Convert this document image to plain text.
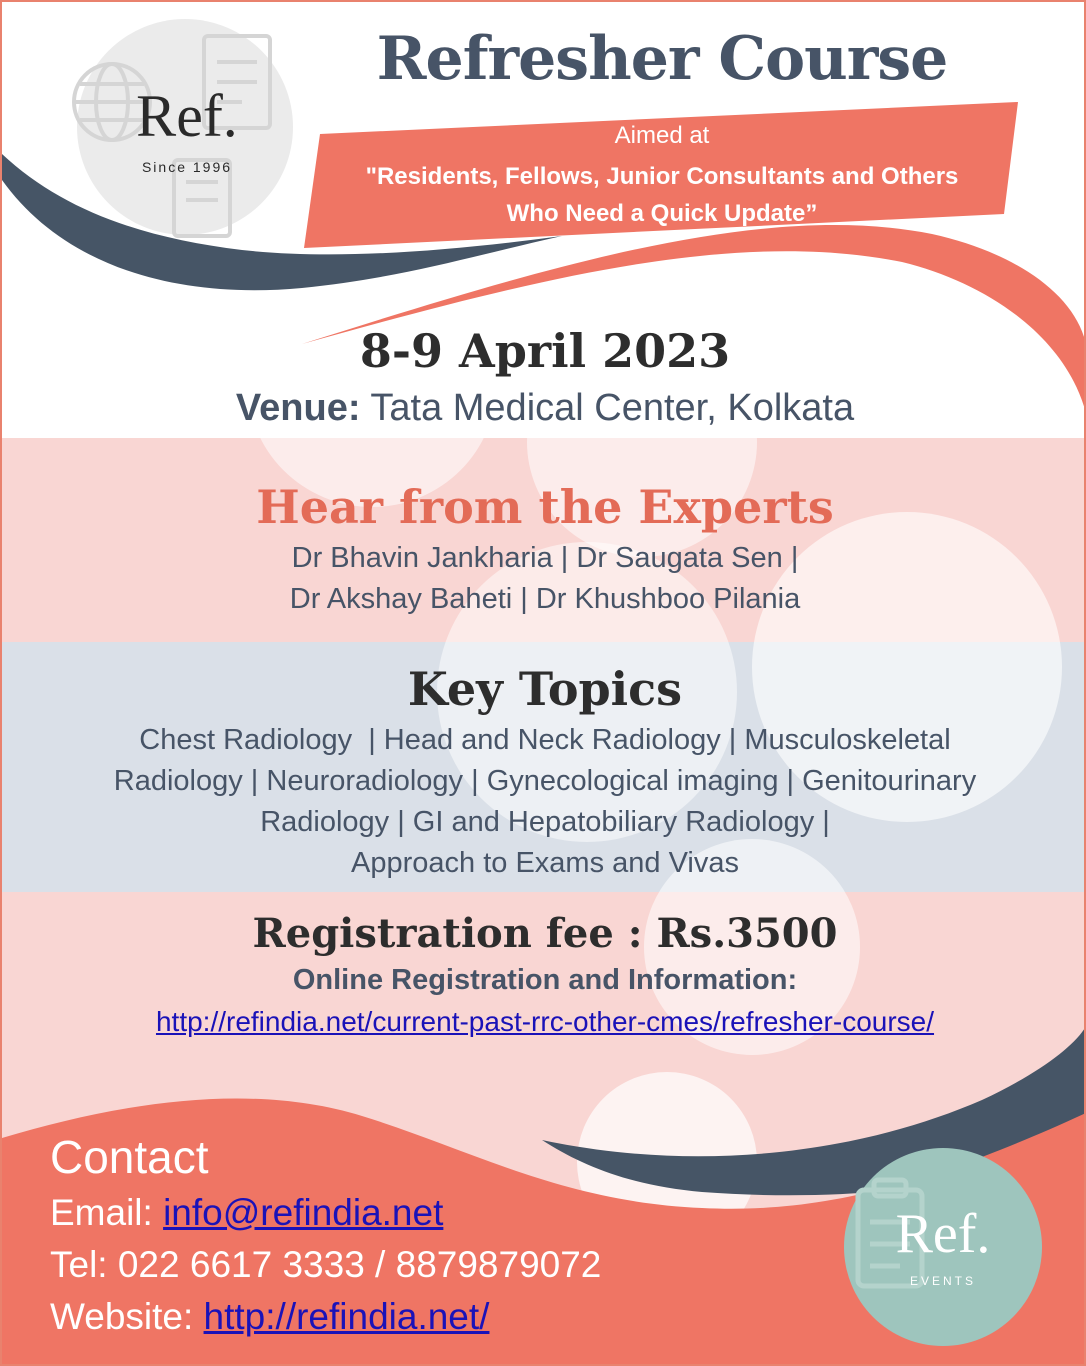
Refresher Course
Ref.
Since 1996
Aimed at
"Residents, Fellows, Junior Consultants and Others
Who Need a Quick Update”
8-9 April 2023
Venue: Tata Medical Center, Kolkata
Hear from the Experts
Dr Bhavin Jankharia | Dr Saugata Sen |
Dr Akshay Baheti | Dr Khushboo Pilania
Key Topics
Chest Radiology  | Head and Neck Radiology | Musculoskeletal
Radiology | Neuroradiology | Gynecological imaging | Genitourinary
Radiology | GI and Hepatobiliary Radiology |
Approach to Exams and Vivas
Registration fee : Rs.3500
Online Registration and Information:
http://refindia.net/current-past-rrc-other-cmes/refresher-course/
Contact
Email: info@refindia.net
Tel: 022 6617 3333 / 8879879072
Website: http://refindia.net/
Ref.
EVENTS
